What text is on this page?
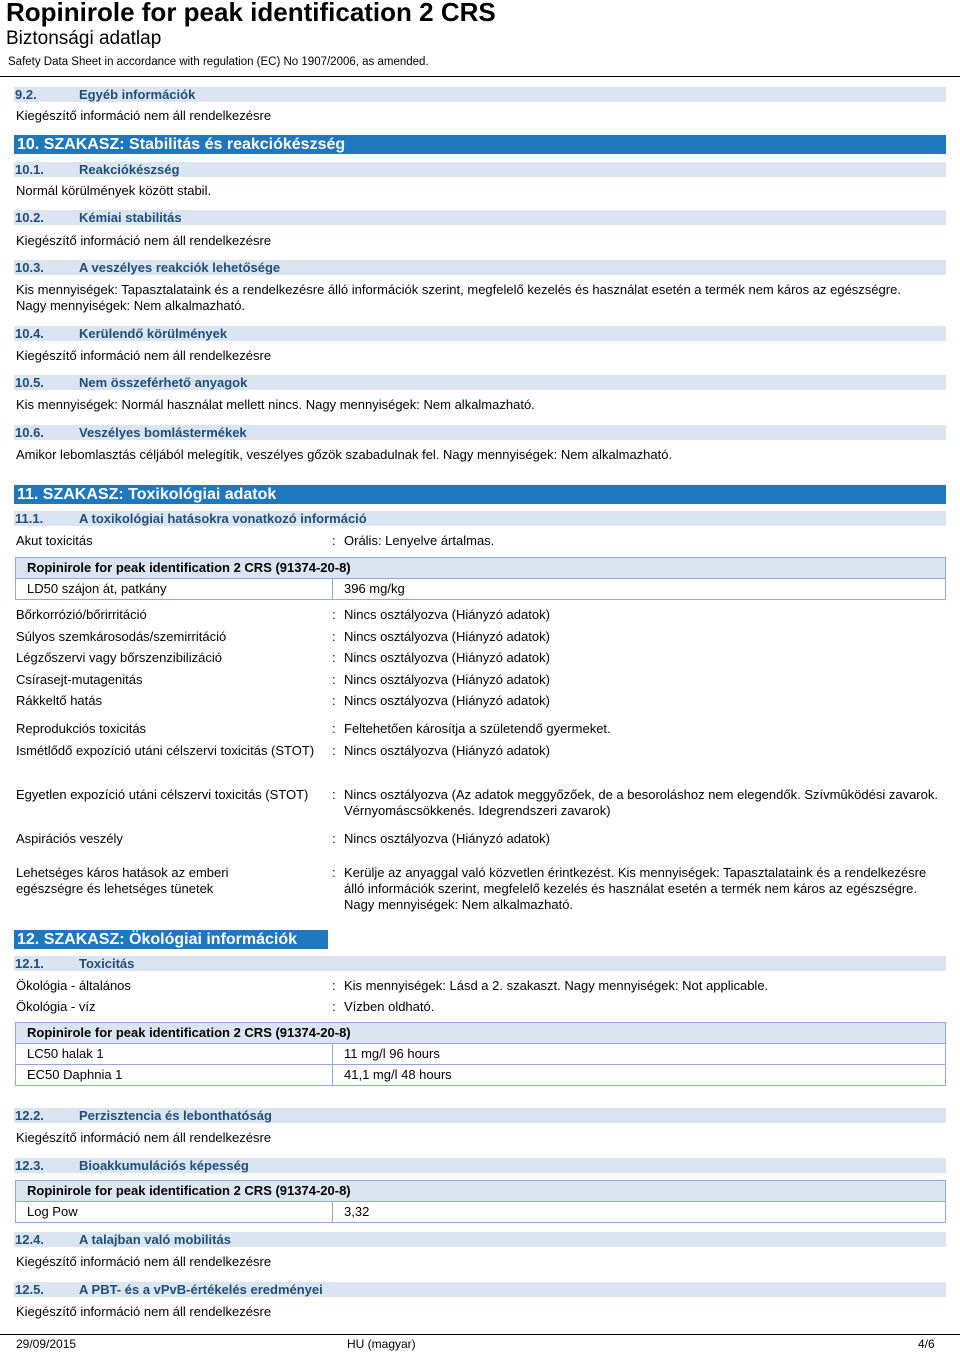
Ropinirole for peak identification 2 CRS
Biztonsági adatlap
Safety Data Sheet in accordance with regulation (EC) No 1907/2006, as amended.
9.2.	Egyéb információk
Kiegészítő információ nem áll rendelkezésre
10. SZAKASZ: Stabilitás és reakciókészség
10.1.	Reakciókészség
Normál körülmények között stabil.
10.2.	Kémiai stabilitás
Kiegészítő információ nem áll rendelkezésre
10.3.	A veszélyes reakciók lehetősége
Kis mennyiségek: Tapasztalataink és a rendelkezésre álló információk szerint, megfelelő kezelés és használat esetén a termék nem káros az egészségre. Nagy mennyiségek: Nem alkalmazható.
10.4.	Kerülendő körülmények
Kiegészítő információ nem áll rendelkezésre
10.5.	Nem összeférhető anyagok
Kis mennyiségek: Normál használat mellett nincs. Nagy mennyiségek: Nem alkalmazható.
10.6.	Veszélyes bomlástermékek
Amikor lebomlasztás céljából melegítik, veszélyes gőzök szabadulnak fel. Nagy mennyiségek: Nem alkalmazható.
11. SZAKASZ: Toxikológiai adatok
11.1.	A toxikológiai hatásokra vonatkozó információ
Akut toxicitás	: Orális: Lenyelve ártalmas.
Ropinirole for peak identification 2 CRS (91374-20-8)
LD50 szájon át, patkány	396 mg/kg
Bőrkorrózió/bőrirritáció	: Nincs osztályozva (Hiányzó adatok)
Súlyos szemkárosodás/szemirritáció	: Nincs osztályozva (Hiányzó adatok)
Légzőszervi vagy bőrszenzibilizáció	: Nincs osztályozva (Hiányzó adatok)
Csírasejt-mutagenitás	: Nincs osztályozva (Hiányzó adatok)
Rákkeltő hatás	: Nincs osztályozva (Hiányzó adatok)
Reprodukciós toxicitás	: Feltehetően károsítja a születendő gyermeket.
Ismétlődő expozíció utáni célszervi toxicitás (STOT) : Nincs osztályozva (Hiányzó adatok)
Egyetlen expozíció utáni célszervi toxicitás (STOT)	: Nincs osztályozva (Az adatok meggyőzőek, de a besoroláshoz nem elegendők. Szívmûködési zavarok. Vérnyomáscsökkenés. Idegrendszeri zavarok)
Aspirációs veszély	: Nincs osztályozva (Hiányzó adatok)
Lehetséges káros hatások az emberi egészségre és lehetséges tünetek
: Kerülje az anyaggal való közvetlen érintkezést. Kis mennyiségek: Tapasztalataink és a rendelkezésre álló információk szerint, megfelelő kezelés és használat esetén a termék nem káros az egészségre. Nagy mennyiségek: Nem alkalmazható.
12. SZAKASZ: Ökológiai információk
12.1.	Toxicitás
Ökológia - általános	: Kis mennyiségek: Lásd a 2. szakaszt. Nagy mennyiségek: Not applicable.
Ökológia - víz	: Vízben oldható.
Ropinirole for peak identification 2 CRS (91374-20-8)	
LC50 halak 1	11 mg/l 96 hours
EC50 Daphnia 1	41,1 mg/l 48 hours
12.2.	Perzisztencia és lebonthatóság
Kiegészítő információ nem áll rendelkezésre
12.3.	Bioakkumulációs képesség
Ropinirole for peak identification 2 CRS (91374-20-8)
Log Pow	3,32
12.4.	A talajban való mobilitás
Kiegészítő információ nem áll rendelkezésre
12.5.	A PBT- és a vPvB-értékelés eredményei
Kiegészítő információ nem áll rendelkezésre
29/09/2015	HU (magyar)	4/6
